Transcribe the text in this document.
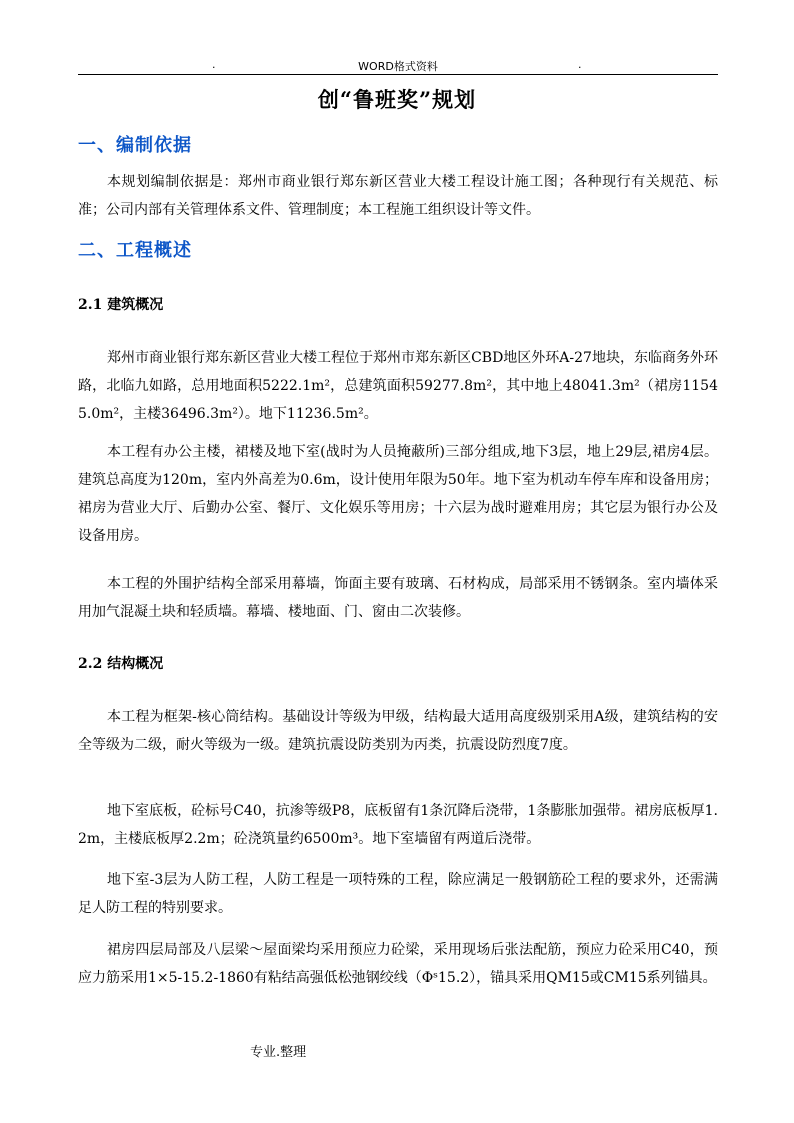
.	WORD格式资料	.
创“鲁班奖”规划
一、编制依据
本规划编制依据是：郑州市商业银行郑东新区营业大楼工程设计施工图；各种现行有关规范、标准；公司内部有关管理体系文件、管理制度；本工程施工组织设计等文件。
二、工程概述
2.1 建筑概况
郑州市商业银行郑东新区营业大楼工程位于郑州市郑东新区CBD地区外环A-27地块，东临商务外环路，北临九如路，总用地面积5222.1m²，总建筑面积59277.8m²，其中地上48041.3m²（裙房11545.0m²，主楼36496.3m²）。地下11236.5m²。
本工程有办公主楼，裙楼及地下室(战时为人员掩蔽所)三部分组成,地下3层，地上29层,裙房4层。建筑总高度为120m，室内外高差为0.6m，设计使用年限为50年。地下室为机动车停车库和设备用房；裙房为营业大厅、后勤办公室、餐厅、文化娱乐等用房；十六层为战时避难用房；其它层为银行办公及设备用房。
本工程的外围护结构全部采用幕墙，饰面主要有玻璃、石材构成，局部采用不锈钢条。室内墙体采用加气混凝土块和轻质墙。幕墙、楼地面、门、窗由二次装修。
2.2 结构概况
本工程为框架-核心筒结构。基础设计等级为甲级，结构最大适用高度级别采用A级，建筑结构的安全等级为二级，耐火等级为一级。建筑抗震设防类别为丙类，抗震设防烈度7度。
地下室底板，砼标号C40，抗渗等级P8，底板留有1条沉降后浇带，1条膨胀加强带。裙房底板厚1.2m，主楼底板厚2.2m；砼浇筑量约6500m³。地下室墙留有两道后浇带。
地下室-3层为人防工程，人防工程是一项特殊的工程，除应满足一般钢筋砼工程的要求外，还需满足人防工程的特别要求。
裙房四层局部及八层梁～屋面梁均采用预应力砼梁，采用现场后张法配筋，预应力砼采用C40，预应力筋采用1×5-15.2-1860有粘结高强低松弛钢绞线（Φˢ15.2），锚具采用QM15或CM15系列锚具。
专业.整理
